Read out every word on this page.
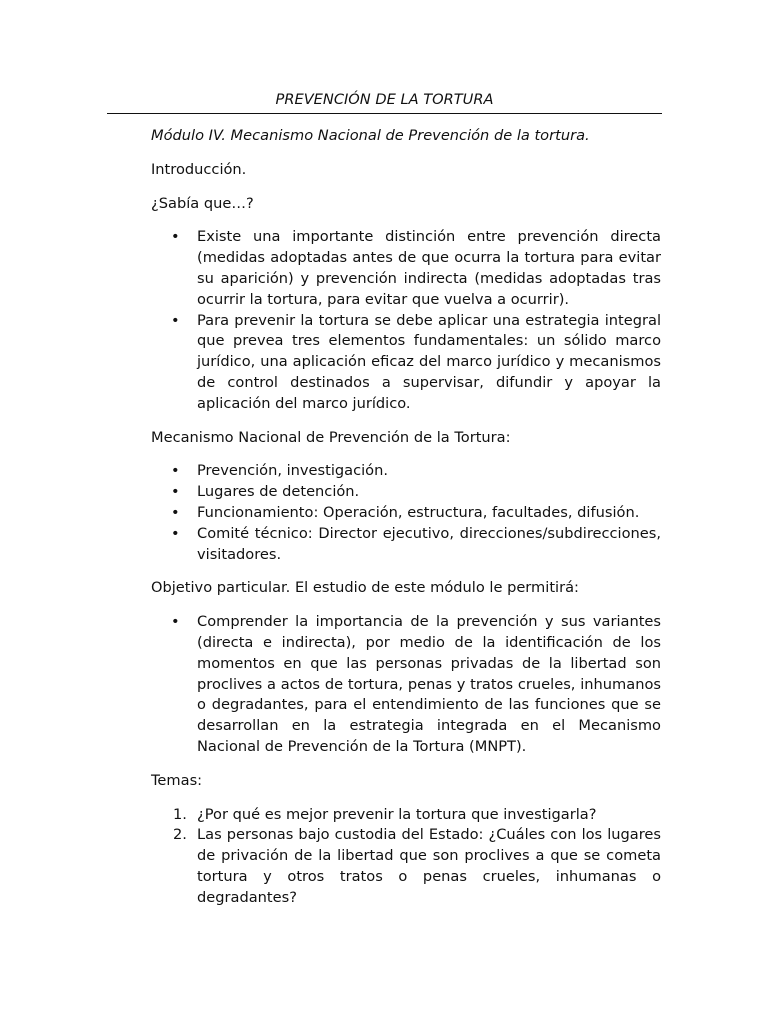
PREVENCIÓN DE LA TORTURA

Módulo IV. Mecanismo Nacional de Prevención de la tortura.

Introducción.

¿Sabía que…?

• Existe una importante distinción entre prevención directa (medidas adoptadas antes de que ocurra la tortura para evitar su aparición) y prevención indirecta (medidas adoptadas tras ocurrir la tortura, para evitar que vuelva a ocurrir).
• Para prevenir la tortura se debe aplicar una estrategia integral que prevea tres elementos fundamentales: un sólido marco jurídico, una aplicación eficaz del marco jurídico y mecanismos de control destinados a supervisar, difundir y apoyar la aplicación del marco jurídico.

Mecanismo Nacional de Prevención de la Tortura:

• Prevención, investigación.
• Lugares de detención.
• Funcionamiento: Operación, estructura, facultades, difusión.
• Comité técnico: Director ejecutivo, direcciones/subdirecciones, visitadores.

Objetivo particular. El estudio de este módulo le permitirá:

• Comprender la importancia de la prevención y sus variantes (directa e indirecta), por medio de la identificación de los momentos en que las personas privadas de la libertad son proclives a actos de tortura, penas y tratos crueles, inhumanos o degradantes, para el entendimiento de las funciones que se desarrollan en la estrategia integrada en el Mecanismo Nacional de Prevención de la Tortura (MNPT).

Temas:

1. ¿Por qué es mejor prevenir la tortura que investigarla?
2. Las personas bajo custodia del Estado: ¿Cuáles con los lugares de privación de la libertad que son proclives a que se cometa tortura y otros tratos o penas crueles, inhumanas o degradantes?
